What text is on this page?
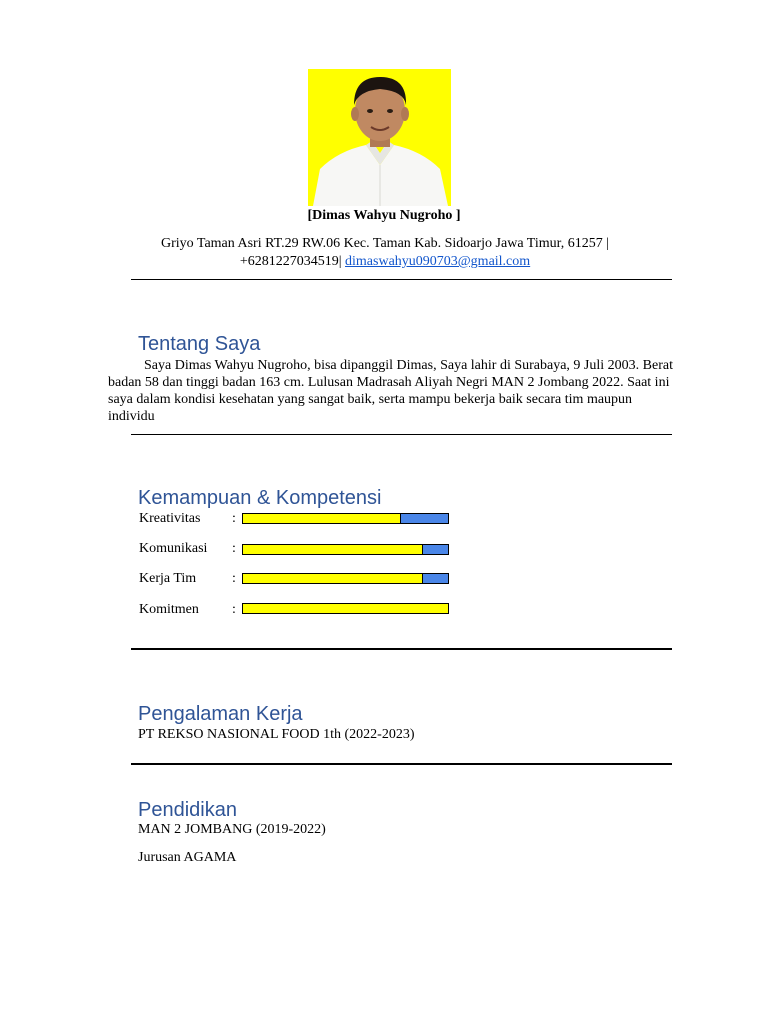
[Dimas Wahyu Nugroho ]
Griyo Taman Asri RT.29 RW.06 Kec. Taman Kab. Sidoarjo Jawa Timur, 61257 |
+6281227034519| dimaswahyu090703@gmail.com
Tentang Saya
Saya Dimas Wahyu Nugroho, bisa dipanggil Dimas, Saya lahir di Surabaya, 9 Juli 2003. Berat badan 58 dan tinggi badan 163 cm. Lulusan Madrasah Aliyah Negri MAN 2 Jombang 2022. Saat ini saya dalam kondisi kesehatan yang sangat baik, serta mampu bekerja baik secara tim maupun individu
Kemampuan & Kompetensi
Kreativitas :
Komunikasi :
Kerja Tim	:
Komitmen :
Pengalaman Kerja
PT REKSO NASIONAL FOOD 1th (2022-2023)
Pendidikan
MAN 2 JOMBANG (2019-2022)
Jurusan AGAMA
